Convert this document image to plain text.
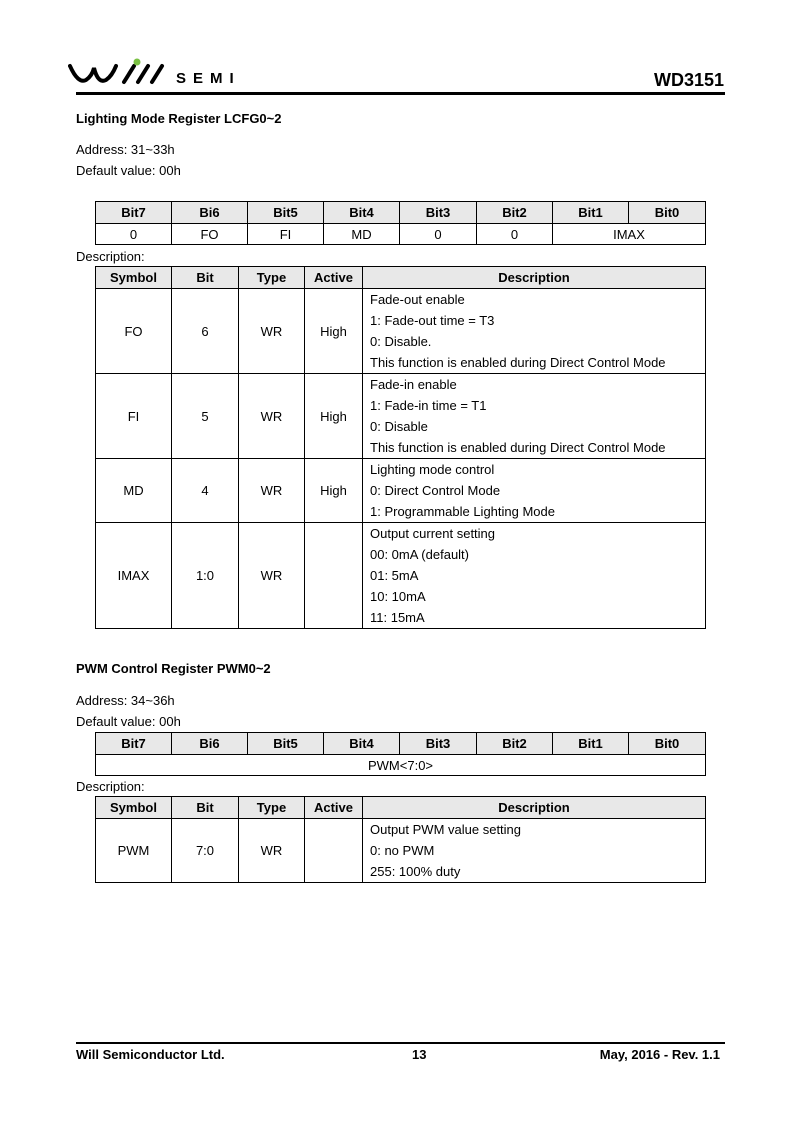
SEMI	WD3151
Lighting Mode Register LCFG0~2
Address: 31~33h
Default value: 00h
Bit7	Bi6	Bit5	Bit4	Bit3	Bit2	Bit1	Bit0
0	FO	FI	MD	0	0	IMAX	
Description:
Symbol	Bit	Type	Active	Description
FO	6	WR	High	Fade-out enable
1: Fade-out time = T3
0: Disable.
This function is enabled during Direct Control Mode

FI	5	WR	High	Fade-in enable
1: Fade-in time = T1
0: Disable
This function is enabled during Direct Control Mode

MD	4	WR	High	Lighting mode control
0: Direct Control Mode
1: Programmable Lighting Mode

IMAX	1:0	WR		Output current setting
00: 0mA (default)
01: 5mA
10: 10mA
11: 15mA
PWM Control Register PWM0~2
Address: 34~36h
Default value: 00h
Bit7	Bi6	Bit5	Bit4	Bit3	Bit2	Bit1	Bit0
PWM<7:0>
Description:
Symbol	Bit	Type	Active	Description
PWM	7:0	WR		Output PWM value setting
0: no PWM
255: 100% duty
Will Semiconductor Ltd.	13	May, 2016 - Rev. 1.1
